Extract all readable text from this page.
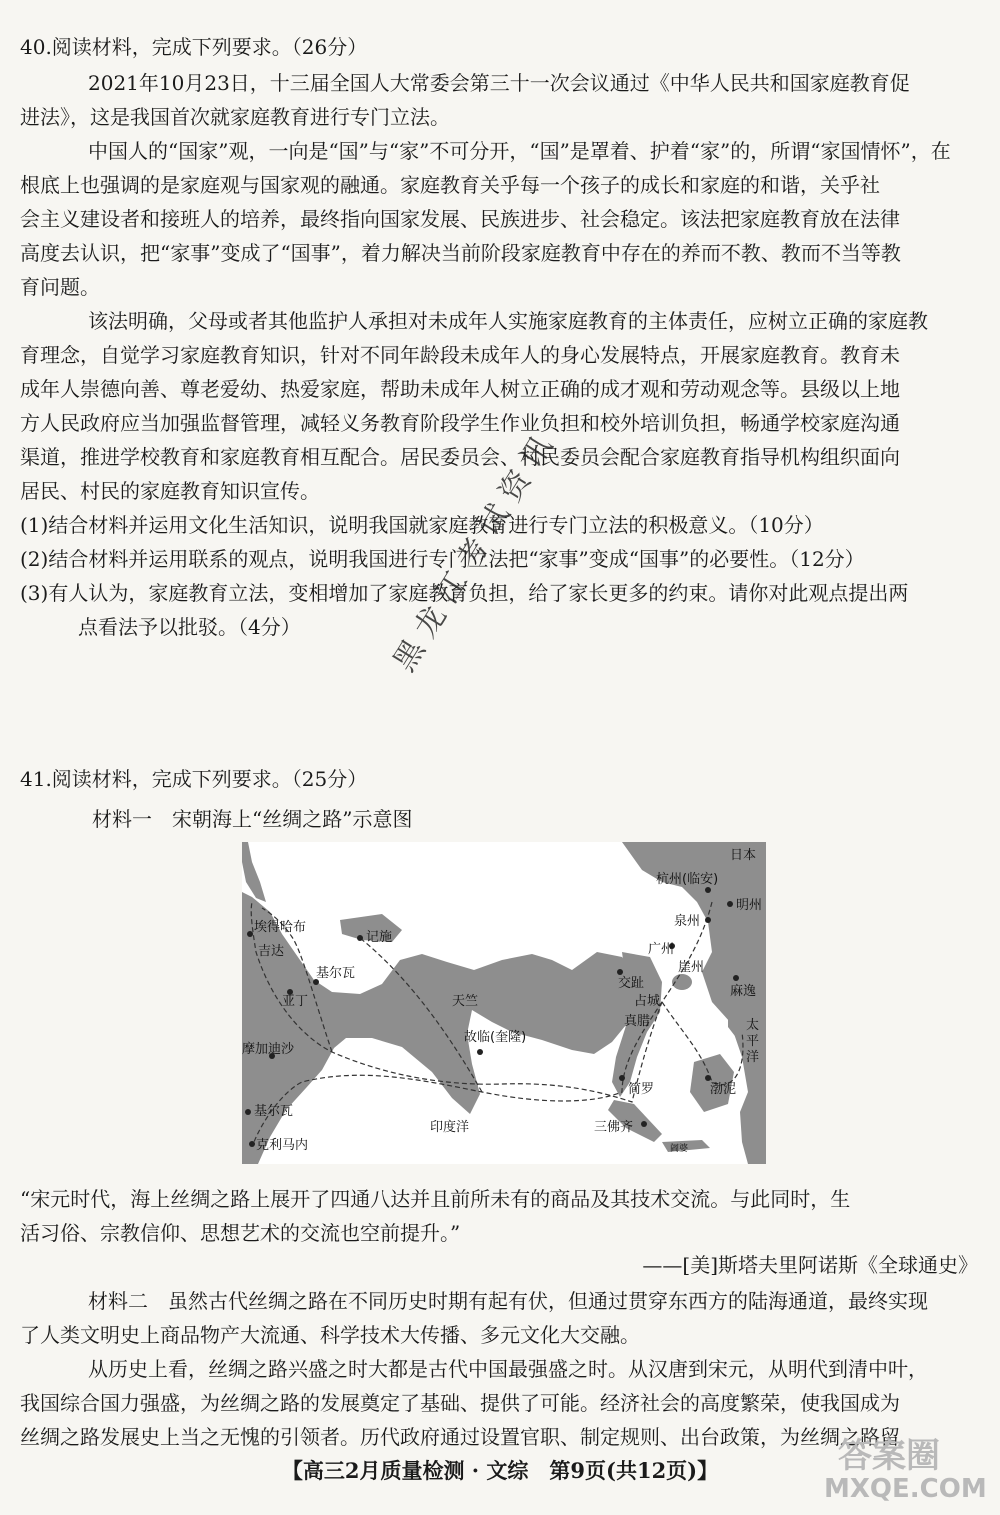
40.阅读材料，完成下列要求。（26分）
2021年10月23日，十三届全国人大常委会第三十一次会议通过《中华人民共和国家庭教育促
进法》，这是我国首次就家庭教育进行专门立法。
中国人的“国家”观，一向是“国”与“家”不可分开，“国”是罩着、护着“家”的，所谓“家国情怀”，在
根底上也强调的是家庭观与国家观的融通。家庭教育关乎每一个孩子的成长和家庭的和谐，关乎社
会主义建设者和接班人的培养，最终指向国家发展、民族进步、社会稳定。该法把家庭教育放在法律
高度去认识，把“家事”变成了“国事”，着力解决当前阶段家庭教育中存在的养而不教、教而不当等教
育问题。
该法明确，父母或者其他监护人承担对未成年人实施家庭教育的主体责任，应树立正确的家庭教
育理念，自觉学习家庭教育知识，针对不同年龄段未成年人的身心发展特点，开展家庭教育。教育未
成年人崇德向善、尊老爱幼、热爱家庭，帮助未成年人树立正确的成才观和劳动观念等。县级以上地
方人民政府应当加强监督管理，减轻义务教育阶段学生作业负担和校外培训负担，畅通学校家庭沟通
渠道，推进学校教育和家庭教育相互配合。居民委员会、村民委员会配合家庭教育指导机构组织面向
居民、村民的家庭教育知识宣传。
(1)结合材料并运用文化生活知识，说明我国就家庭教育进行专门立法的积极意义。（10分）
(2)结合材料并运用联系的观点，说明我国进行专门立法把“家事”变成“国事”的必要性。（12分）
(3)有人认为，家庭教育立法，变相增加了家庭教育负担，给了家长更多的约束。请你对此观点提出两
点看法予以批驳。（4分）	黑龙江考试资讯
41.阅读材料，完成下列要求。（25分）
材料一　宋朝海上“丝绸之路”示意图
日本
杭州(临安)
明州
泉州
广州
交趾
崖州
占城
真腊
麻逸
太平洋
天竺
故临(奎隆)
简罗	渤泥
三佛齐
阇婆
印度洋
埃得哈布
吉达
记施
基尔瓦
亚丁
摩加迪沙
基尔瓦
克利马内
“宋元时代，海上丝绸之路上展开了四通八达并且前所未有的商品及其技术交流。与此同时，生
活习俗、宗教信仰、思想艺术的交流也空前提升。”
——[美]斯塔夫里阿诺斯《全球通史》
材料二　虽然古代丝绸之路在不同历史时期有起有伏，但通过贯穿东西方的陆海通道，最终实现
了人类文明史上商品物产大流通、科学技术大传播、多元文化大交融。
从历史上看，丝绸之路兴盛之时大都是古代中国最强盛之时。从汉唐到宋元，从明代到清中叶，
我国综合国力强盛，为丝绸之路的发展奠定了基础、提供了可能。经济社会的高度繁荣，使我国成为
丝绸之路发展史上当之无愧的引领者。历代政府通过设置官职、制定规则、出台政策，为丝绸之路留
【高三2月质量检测 · 文综　第9页(共12页)】	答案圈
MXQE.COM
